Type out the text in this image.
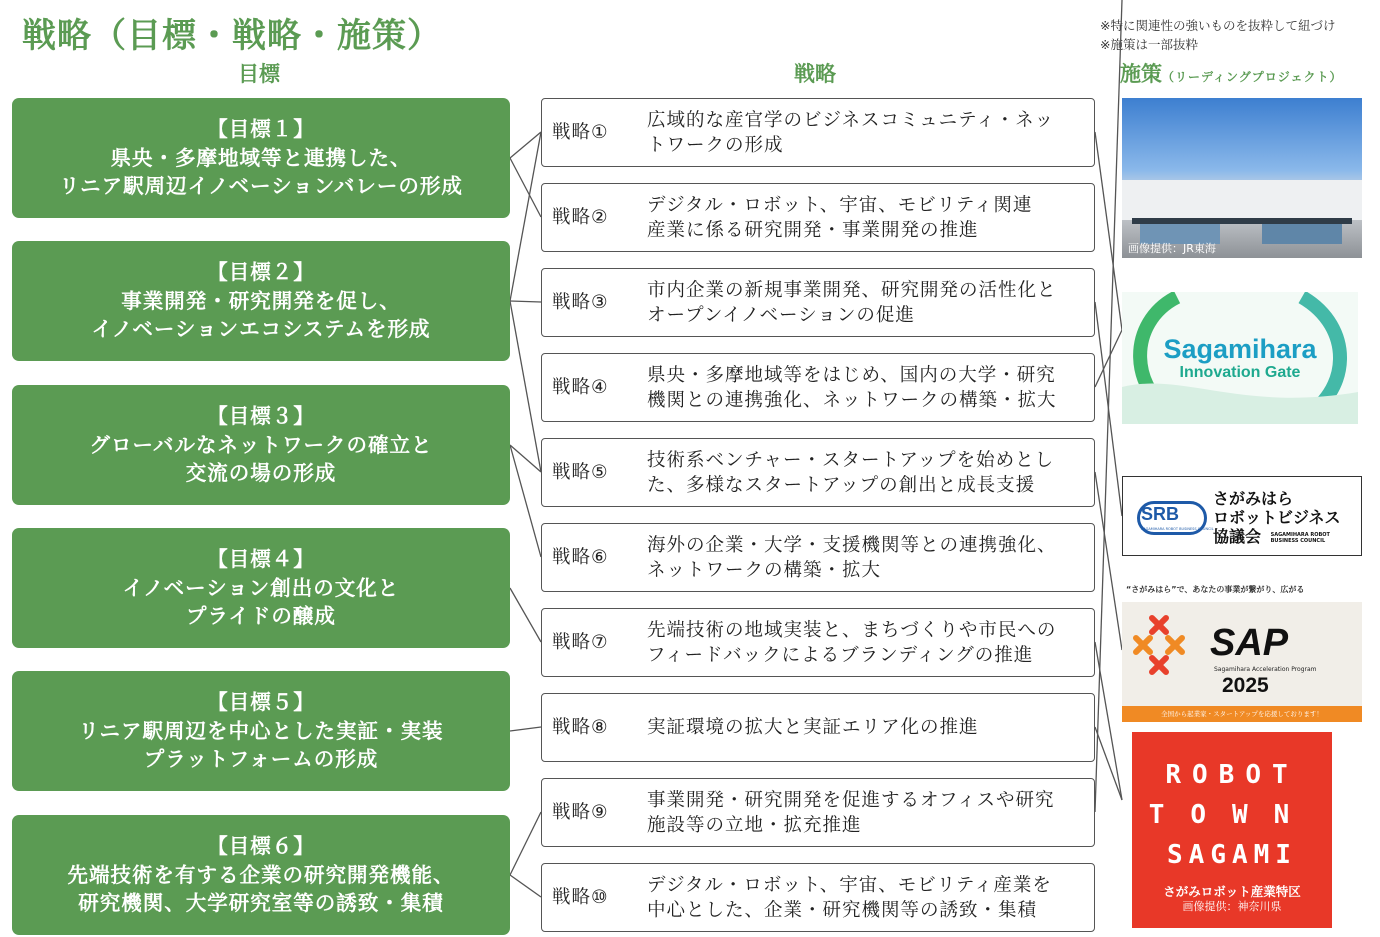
戦略（目標・戦略・施策）	※特に関連性の強いものを抜粋して紐づけ
※施策は一部抜粋
目標	戦略	施策（リーディングプロジェクト）
【目標１】
県央・多摩地域等と連携した、
リニア駅周辺イノベーションバレーの形成
【目標２】
事業開発・研究開発を促し、
イノベーションエコシステムを形成
【目標３】
グローバルなネットワークの確立と
交流の場の形成
【目標４】
イノベーション創出の文化と
プライドの醸成
【目標５】
リニア駅周辺を中心とした実証・実装
プラットフォームの形成
【目標６】
先端技術を有する企業の研究開発機能、
研究機関、大学研究室等の誘致・集積
戦略①
広域的な産官学のビジネスコミュニティ・ネッ
トワークの形成
戦略②
デジタル・ロボット、宇宙、モビリティ関連
産業に係る研究開発・事業開発の推進
戦略③
市内企業の新規事業開発、研究開発の活性化と
オープンイノベーションの促進
戦略④
県央・多摩地域等をはじめ、国内の大学・研究
機関との連携強化、ネットワークの構築・拡大
戦略⑤
技術系ベンチャー・スタートアップを始めとし
た、多様なスタートアップの創出と成長支援
戦略⑥
海外の企業・大学・支援機関等との連携強化、
ネットワークの構築・拡大
戦略⑦
先端技術の地域実装と、まちづくりや市民への
フィードバックによるブランディングの推進
戦略⑧	実証環境の拡大と実証エリア化の推進
戦略⑨
事業開発・研究開発を促進するオフィスや研究
施設等の立地・拡充推進
戦略⑩
デジタル・ロボット、宇宙、モビリティ産業を
中心とした、企業・研究機関等の誘致・集積
画像提供：JR東海
Sagamihara
Innovation Gate
SRB
SAGAMIHARA ROBOT BUSINESS COUNCIL
さがみはら
ロボットビジネス
協議会 SAGAMIHARA ROBOT BUSINESS COUNCIL
“さがみはら”で、あなたの事業が繋がり、広がる
SAP
Sagamihara Acceleration Program
2025
全国から起業家・スタートアップを応援しております！
ROBOT
TOWN
SAGAMI
さがみロボット産業特区
画像提供：神奈川県
